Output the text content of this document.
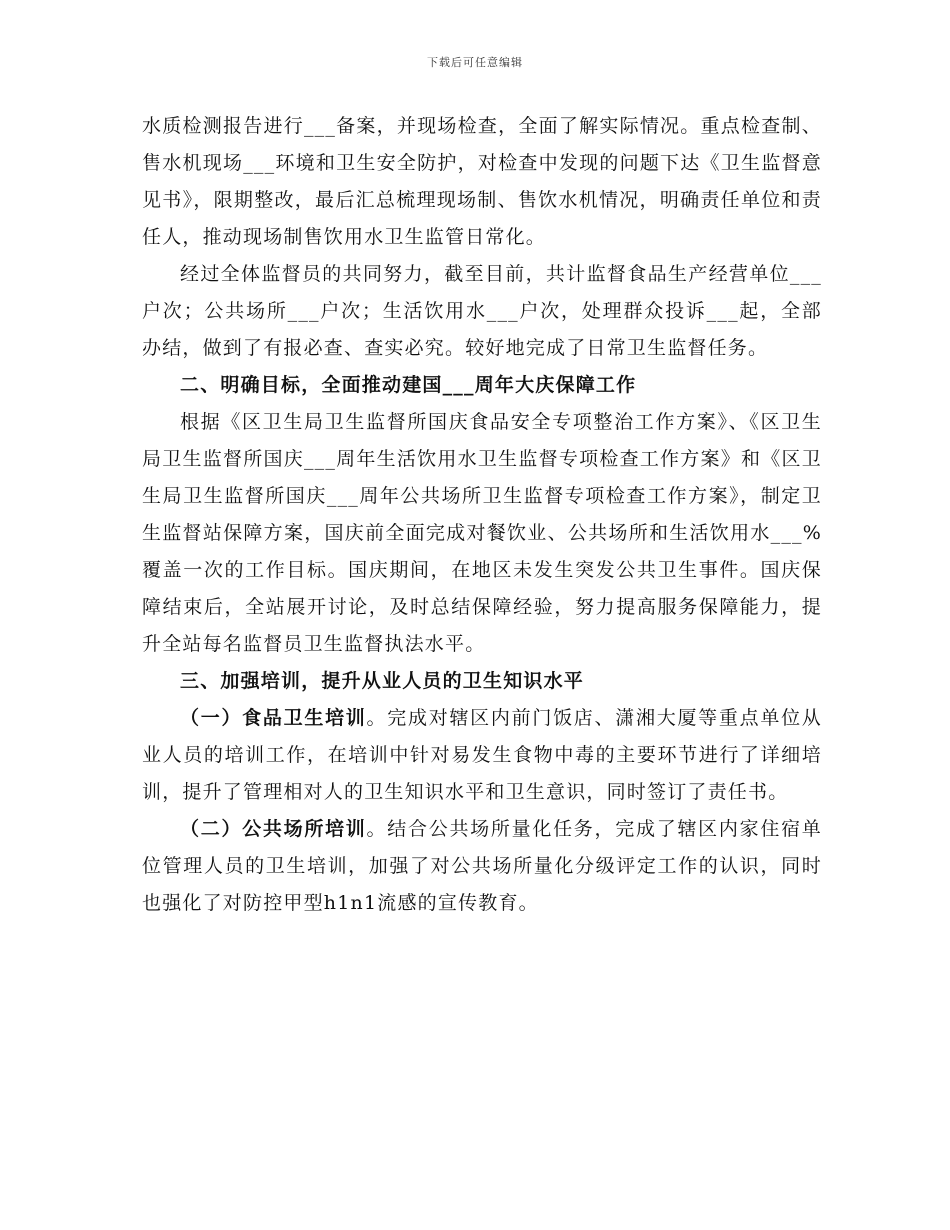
下载后可任意编辑

水质检测报告进行___备案，并现场检查，全面了解实际情况。重点检查制、售水机现场___环境和卫生安全防护，对检查中发现的问题下达《卫生监督意见书》，限期整改，最后汇总梳理现场制、售饮水机情况，明确责任单位和责任人，推动现场制售饮用水卫生监管日常化。

经过全体监督员的共同努力，截至目前，共计监督食品生产经营单位___户次；公共场所___户次；生活饮用水___户次，处理群众投诉___起，全部办结，做到了有报必查、查实必究。较好地完成了日常卫生监督任务。

二、明确目标，全面推动建国___周年大庆保障工作

根据《区卫生局卫生监督所国庆食品安全专项整治工作方案》、《区卫生局卫生监督所国庆___周年生活饮用水卫生监督专项检查工作方案》和《区卫生局卫生监督所国庆___周年公共场所卫生监督专项检查工作方案》，制定卫生监督站保障方案，国庆前全面完成对餐饮业、公共场所和生活饮用水___%覆盖一次的工作目标。国庆期间，在地区未发生突发公共卫生事件。国庆保障结束后，全站展开讨论，及时总结保障经验，努力提高服务保障能力，提升全站每名监督员卫生监督执法水平。

三、加强培训，提升从业人员的卫生知识水平

（一）食品卫生培训。完成对辖区内前门饭店、潇湘大厦等重点单位从业人员的培训工作，在培训中针对易发生食物中毒的主要环节进行了详细培训，提升了管理相对人的卫生知识水平和卫生意识，同时签订了责任书。

（二）公共场所培训。结合公共场所量化任务，完成了辖区内家住宿单位管理人员的卫生培训，加强了对公共场所量化分级评定工作的认识，同时也强化了对防控甲型h1n1流感的宣传教育。
